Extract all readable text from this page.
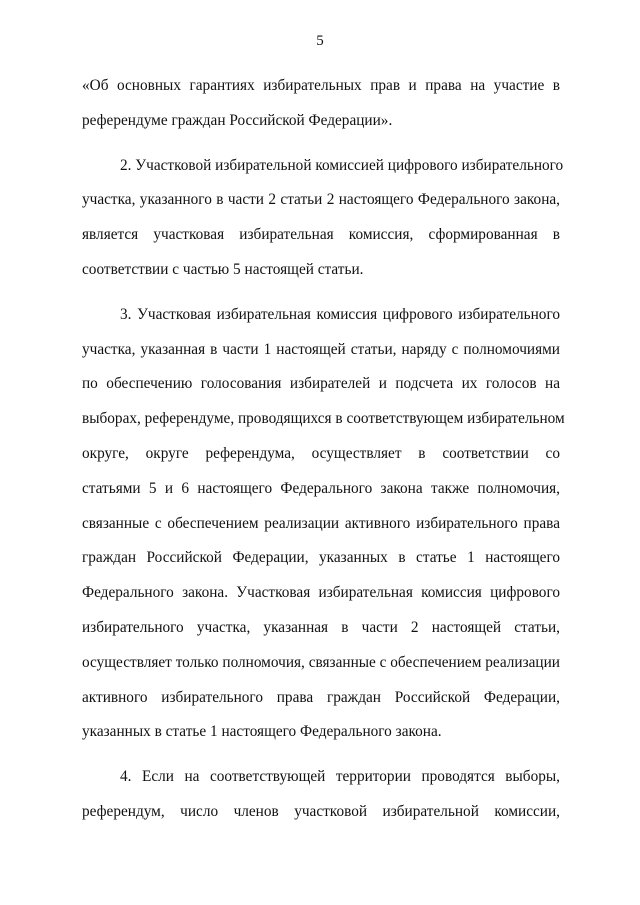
5
«Об основных гарантиях избирательных прав и права на участие в
референдуме граждан Российской Федерации».
2. Участковой избирательной комиссией цифрового избирательного
участка, указанного в части 2 статьи 2 настоящего Федерального закона,
является участковая избирательная комиссия, сформированная в
соответствии с частью 5 настоящей статьи.
3. Участковая избирательная комиссия цифрового избирательного
участка, указанная в части 1 настоящей статьи, наряду с полномочиями
по обеспечению голосования избирателей и подсчета их голосов на
выборах, референдуме, проводящихся в соответствующем избирательном
округе, округе референдума, осуществляет в соответствии со
статьями 5 и 6 настоящего Федерального закона также полномочия,
связанные с обеспечением реализации активного избирательного права
граждан Российской Федерации, указанных в статье 1 настоящего
Федерального закона. Участковая избирательная комиссия цифрового
избирательного участка, указанная в части 2 настоящей статьи,
осуществляет только полномочия, связанные с обеспечением реализации
активного избирательного права граждан Российской Федерации,
указанных в статье 1 настоящего Федерального закона.
4. Если на соответствующей территории проводятся выборы,
референдум, число членов участковой избирательной комиссии,
